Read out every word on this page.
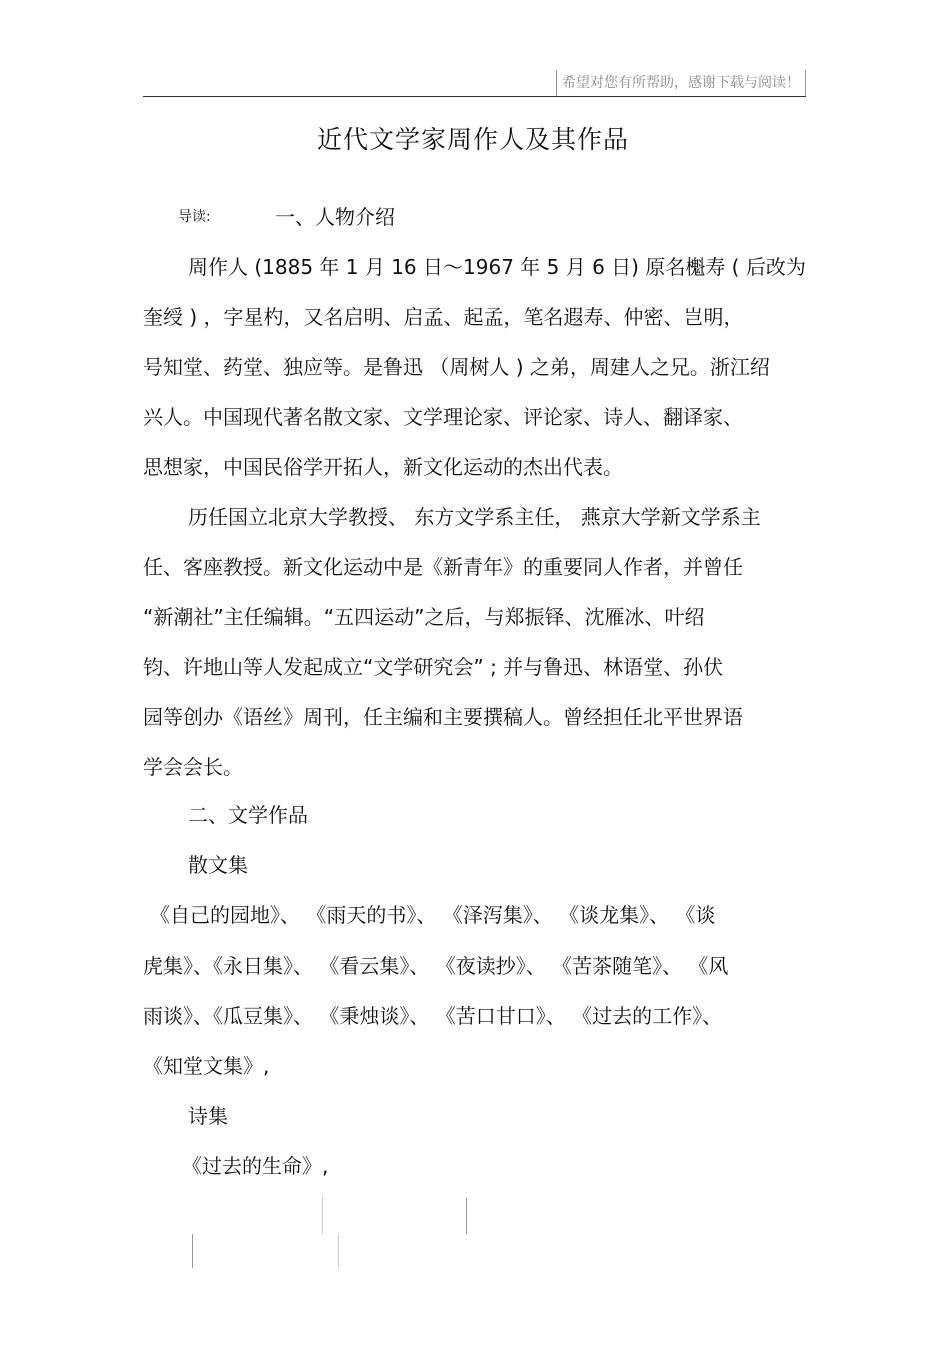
希望对您有所帮助，感谢下载与阅读！
近代文学家周作人及其作品
导读:	一、人物介绍
周作人 (1885 年 1 月 16 日～1967 年 5 月 6 日) 原名櫆寿 ( 后改为
奎绶 ) ，字星杓，又名启明、启孟、起孟，笔名遐寿、仲密、岂明，
号知堂、药堂、独应等。是鲁迅 （周树人 ) 之弟，周建人之兄。浙江绍
兴人。中国现代著名散文家、文学理论家、评论家、诗人、翻译家、
思想家，中国民俗学开拓人，新文化运动的杰出代表。
历任国立北京大学教授、 东方文学系主任， 燕京大学新文学系主
任、客座教授。新文化运动中是《新青年》的重要同人作者，并曾任
“新潮社”主任编辑。“五四运动”之后，与郑振铎、沈雁冰、叶绍
钧、许地山等人发起成立“文学研究会” ; 并与鲁迅、林语堂、孙伏
园等创办《语丝》周刊，任主编和主要撰稿人。曾经担任北平世界语
学会会长。
二、文学作品
散文集
《自己的园地》、 《雨天的书》、 《泽泻集》、 《谈龙集》、 《谈
虎集》、《永日集》、 《看云集》、 《夜读抄》、 《苦茶随笔》、 《风
雨谈》、《瓜豆集》、 《秉烛谈》、 《苦口甘口》、 《过去的工作》、
《知堂文集》,
诗集
《过去的生命》,
